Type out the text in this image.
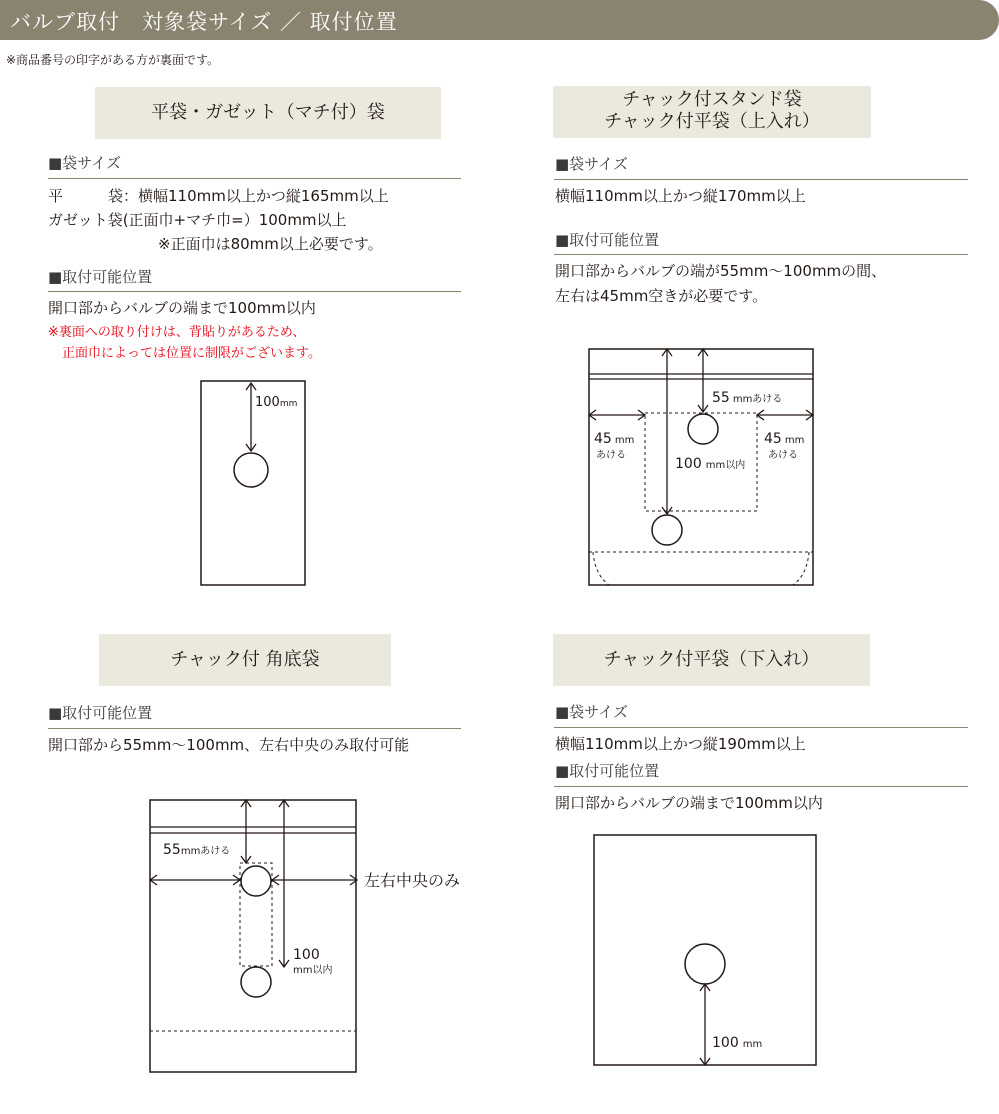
バルブ取付　対象袋サイズ ／ 取付位置
※商品番号の印字がある方が裏面です。
平袋・ガゼット（マチ付）袋
■袋サイズ
平　　　袋：横幅110mm以上かつ縦165mm以上
ガゼット袋(正面巾+マチ巾=）100mm以上
※正面巾は80mm以上必要です。
■取付可能位置
開口部からバルブの端まで100mm以内
※裏面への取り付けは、背貼りがあるため、
正面巾によっては位置に制限がございます。
100mm
チャック付スタンド袋
チャック付平袋（上入れ）
■袋サイズ
横幅110mm以上かつ縦170mm以上
■取付可能位置
開口部からバルブの端が55mm〜100mmの間、
左右は45mm空きが必要です。
55 mmあける
45 mm
あける
45 mm
あける
100 mm以内
チャック付 角底袋
■取付可能位置
開口部から55mm〜100mm、左右中央のみ取付可能
55mmあける
左右中央のみ
100
mm以内
チャック付平袋（下入れ）
■袋サイズ
横幅110mm以上かつ縦190mm以上
■取付可能位置
開口部からバルブの端まで100mm以内
100 mm
